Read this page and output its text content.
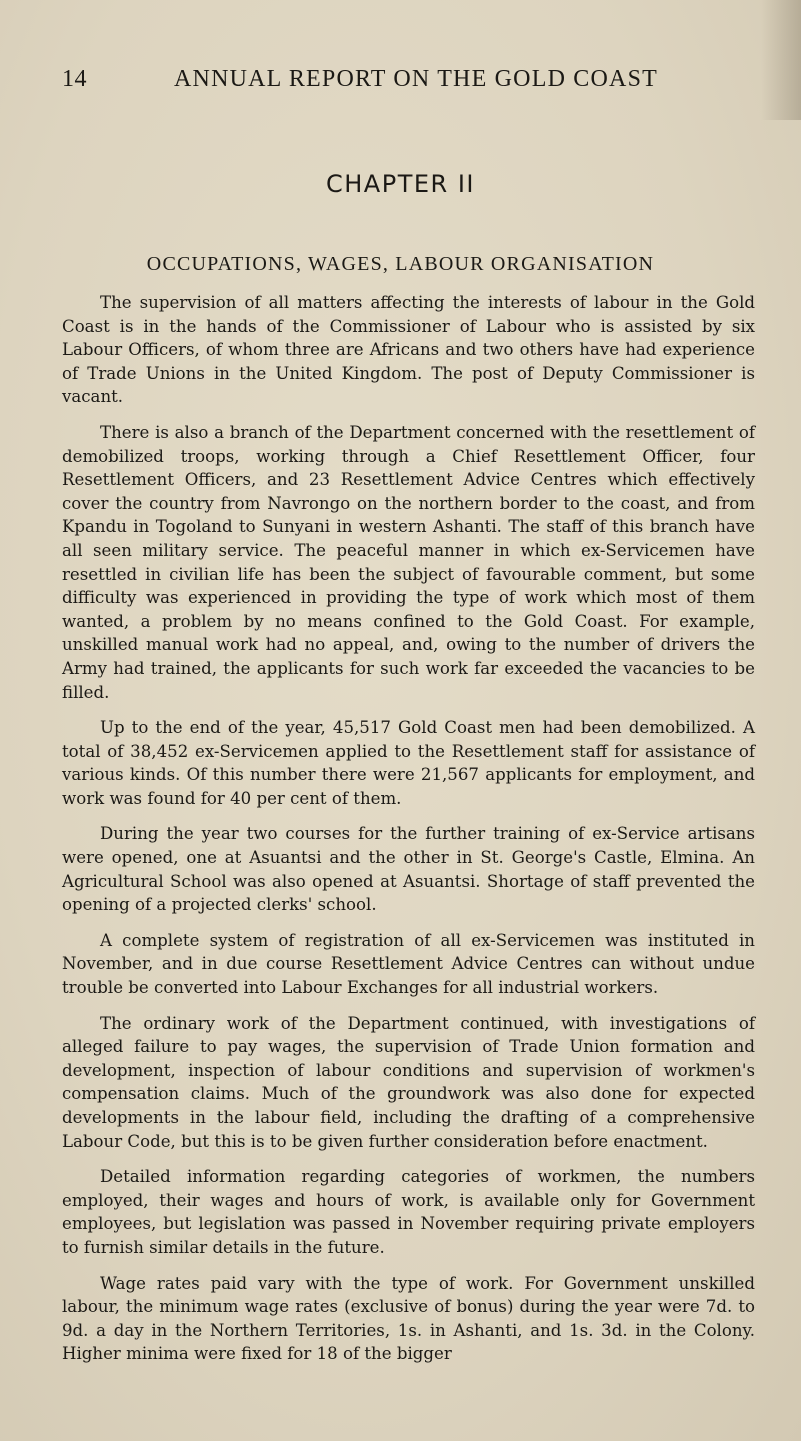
14	ANNUAL REPORT ON THE GOLD COAST
CHAPTER II
OCCUPATIONS, WAGES, LABOUR ORGANISATION

The supervision of all matters affecting the interests of labour in the Gold Coast is in the hands of the Commissioner of Labour who is assisted by six Labour Officers, of whom three are Africans and two others have had experience of Trade Unions in the United Kingdom. The post of Deputy Commissioner is vacant.

There is also a branch of the Department concerned with the resettlement of demobilized troops, working through a Chief Resettlement Officer, four Resettlement Officers, and 23 Resettlement Advice Centres which effectively cover the country from Navrongo on the northern border to the coast, and from Kpandu in Togoland to Sunyani in western Ashanti. The staff of this branch have all seen military service. The peaceful manner in which ex-Servicemen have resettled in civilian life has been the subject of favourable comment, but some difficulty was experienced in providing the type of work which most of them wanted, a problem by no means confined to the Gold Coast. For example, unskilled manual work had no appeal, and, owing to the number of drivers the Army had trained, the applicants for such work far exceeded the vacancies to be filled.

Up to the end of the year, 45,517 Gold Coast men had been demobilized. A total of 38,452 ex-Servicemen applied to the Resettlement staff for assistance of various kinds. Of this number there were 21,567 applicants for employment, and work was found for 40 per cent of them.

During the year two courses for the further training of ex-Service artisans were opened, one at Asuantsi and the other in St. George's Castle, Elmina. An Agricultural School was also opened at Asuantsi. Shortage of staff prevented the opening of a projected clerks' school.

A complete system of registration of all ex-Servicemen was instituted in November, and in due course Resettlement Advice Centres can without undue trouble be converted into Labour Exchanges for all industrial workers.

The ordinary work of the Department continued, with investigations of alleged failure to pay wages, the supervision of Trade Union formation and development, inspection of labour conditions and supervision of workmen's compensation claims. Much of the groundwork was also done for expected developments in the labour field, including the drafting of a comprehensive Labour Code, but this is to be given further consideration before enactment.

Detailed information regarding categories of workmen, the numbers employed, their wages and hours of work, is available only for Government employees, but legislation was passed in November requiring private employers to furnish similar details in the future.

Wage rates paid vary with the type of work. For Government unskilled labour, the minimum wage rates (exclusive of bonus) during the year were 7d. to 9d. a day in the Northern Territories, 1s. in Ashanti, and 1s. 3d. in the Colony. Higher minima were fixed for 18 of the bigger
